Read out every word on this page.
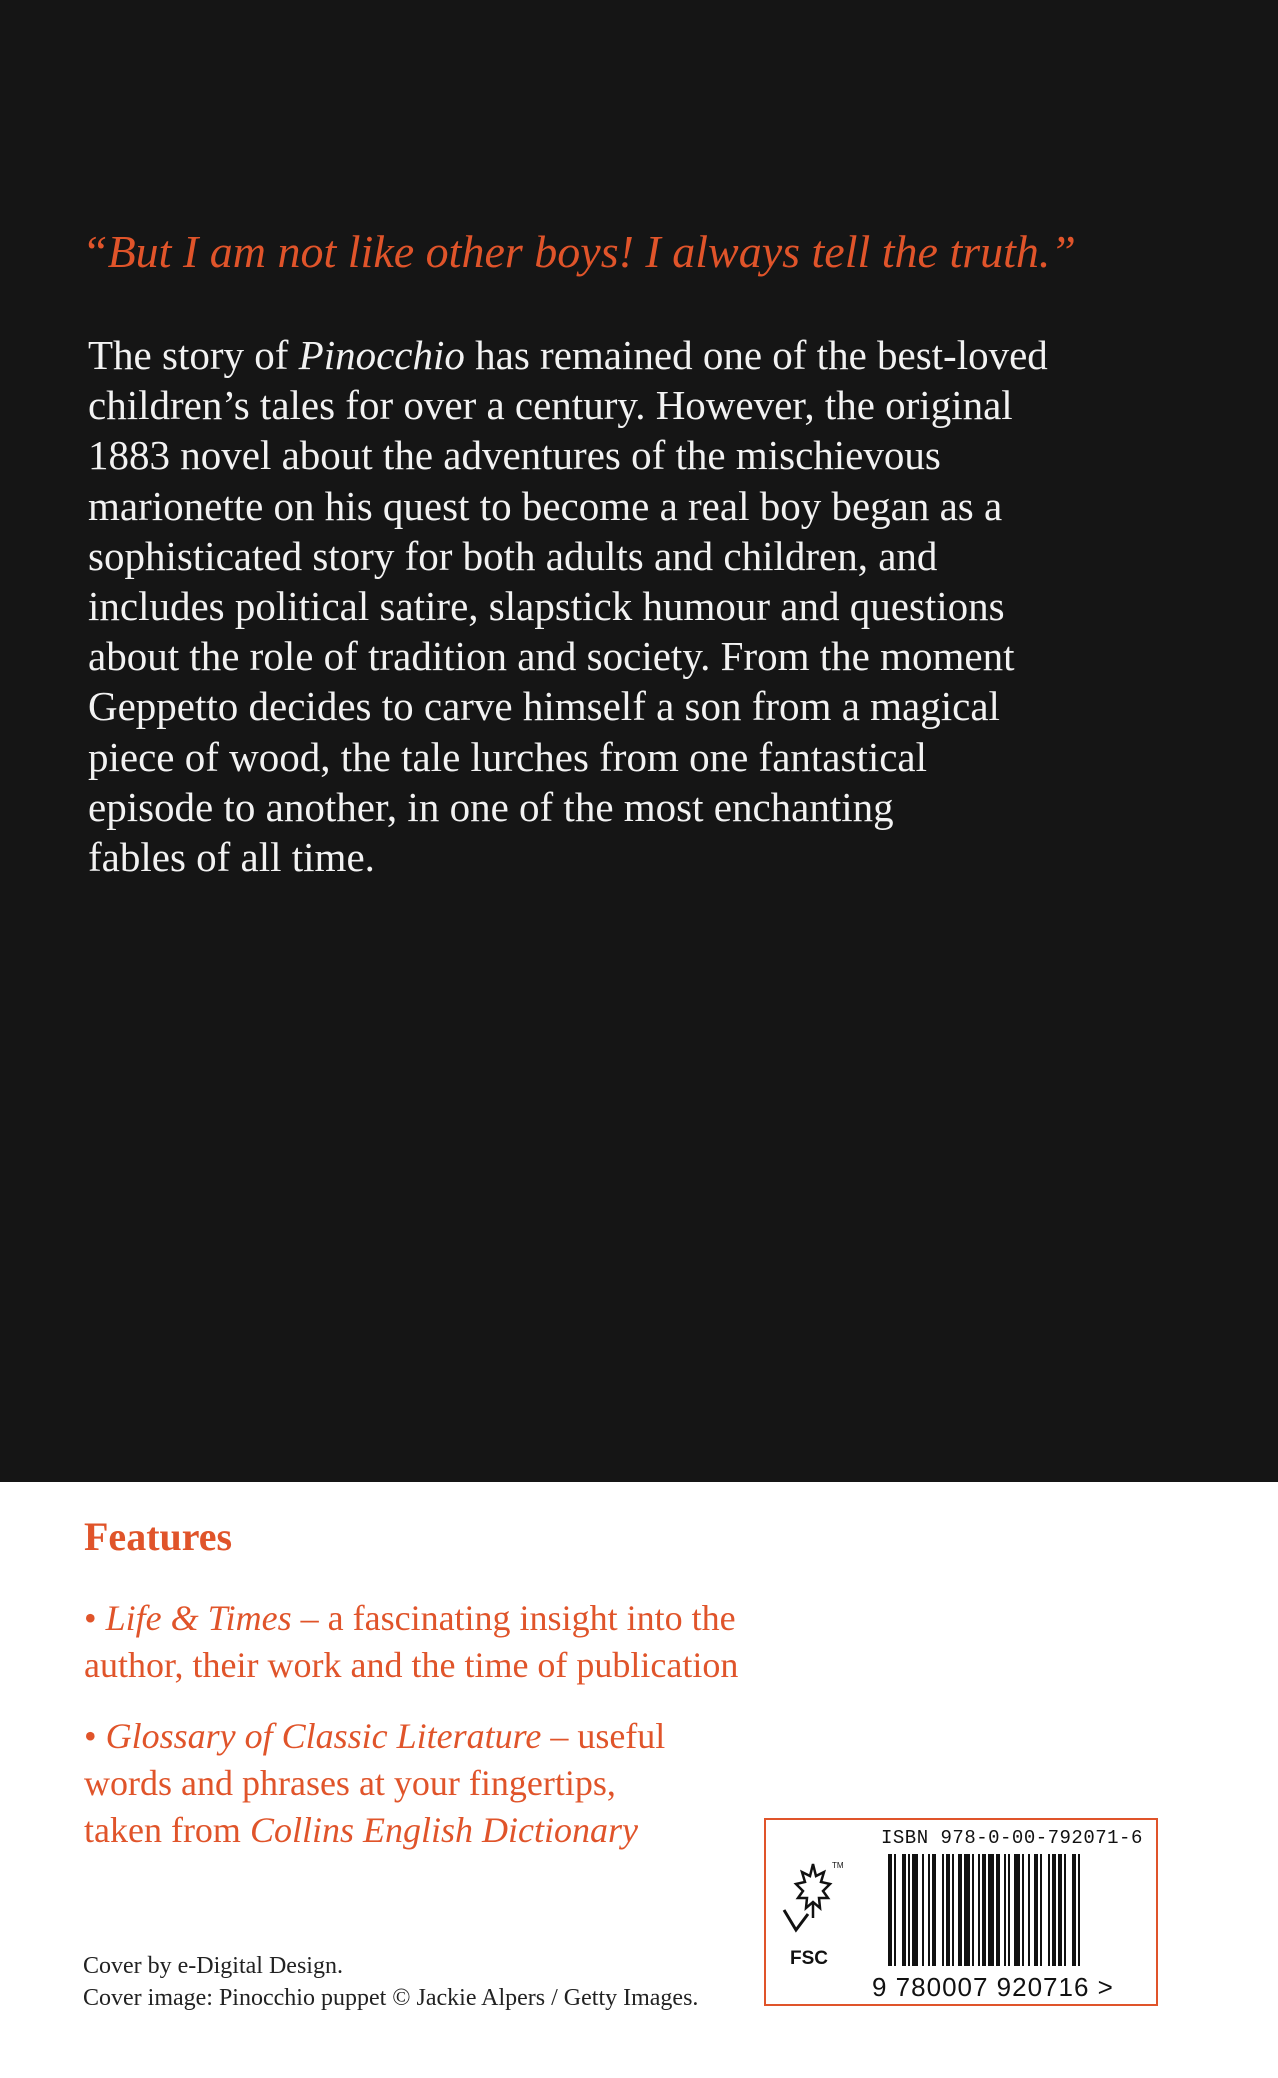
“But I am not like other boys! I always tell the truth.”

The story of Pinocchio has remained one of the best-loved
children’s tales for over a century. However, the original
1883 novel about the adventures of the mischievous
marionette on his quest to become a real boy began as a
sophisticated story for both adults and children, and
includes political satire, slapstick humour and questions
about the role of tradition and society. From the moment
Geppetto decides to carve himself a son from a magical
piece of wood, the tale lurches from one fantastical
episode to another, in one of the most enchanting
fables of all time.

Features

• Life & Times – a fascinating insight into the
author, their work and the time of publication

• Glossary of Classic Literature – useful
words and phrases at your fingertips,
taken from Collins English Dictionary

Cover by e-Digital Design.
Cover image: Pinocchio puppet © Jackie Alpers / Getty Images.

ISBN 978-0-00-792071-6
TM
FSC
9 780007 920716 >
